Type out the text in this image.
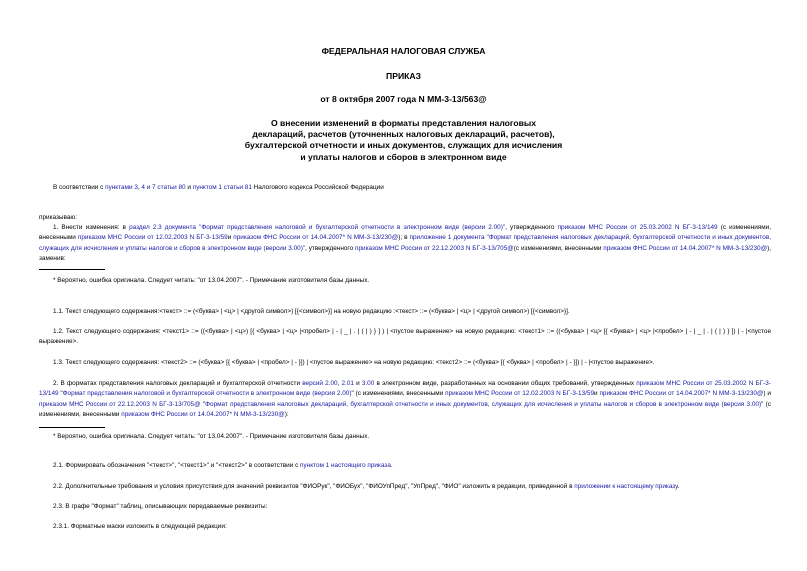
ФЕДЕРАЛЬНАЯ НАЛОГОВАЯ СЛУЖБА
ПРИКАЗ
от 8 октября 2007 года N ММ-3-13/563@
О внесении изменений в форматы представления налоговых
деклараций, расчетов (уточненных налоговых деклараций, расчетов),
бухгалтерской отчетности и иных документов, служащих для исчисления
и уплаты налогов и сборов в электронном виде
В соответствии с пунктами 3, 4 и 7 статьи 80 и пунктом 1 статьи 81 Налогового кодекса Российской Федерации
приказываю:
1. Внести изменения: в раздел 2.3 документа "Формат представления налоговой и бухгалтерской отчетности в электронном виде (версии 2.00)", утвержденного приказом МНС России от 25.03.2002 N БГ-3-13/149 (с изменениями, внесенными приказом МНС России от 12.02.2003 N БГ-3-13/59и приказом ФНС России от 14.04.2007* N ММ-3-13/230@); в приложение 1 документа "Формат представления налоговых деклараций, бухгалтерской отчетности и иных документов, служащих для исчисления и уплаты налогов и сборов в электронном виде (версии 3.00)", утвержденного приказом МНС России от 22.12.2003 N БГ-3-13/705@(с изменениями, внесенными приказом ФНС России от 14.04.2007* N ММ-3-13/230@), заменив:
* Вероятно, ошибка оригинала. Следует читать: "от 13.04.2007". - Примечание изготовителя базы данных.
1.1. Текст следующего содержания:<текст> ::= (<буква> | <ц> | <другой символ>) [{<символ>}] на новую редакцию :<текст> ::= (<буква> | <ц> | <другой символ>) [{<символ>}].
1.2. Текст следующего содержания: <текст1> ::= ((<буква> | <ц>) [{ <буква> | <ц> |<пробел> | - | _ | . | ( | ) } ] ) | <пустое выражение> на новую редакцию: <текст1> ::= ((<буква> | <ц> [{ <буква> | <ц> |<пробел> | - | _ | . | ( | ) } ]) | - |<пустое выражение>.
1.3. Текст следующего содержания: <текст2> ::= (<буква> [{ <буква> | <пробел> | - }]) | <пустое выражение> на новую редакцию: <текст2> ::= (<буква> [{ <буква> | <пробел> | - }]) | - |<пустое выражение>.
2. В форматах представления налоговых деклараций и бухгалтерской отчетности версий 2.00, 2.01 и 3.00 в электронном виде, разработанных на основании общих требований, утвержденных приказом МНС России от 25.03.2002 N БГ-3-13/149 "Формат представления налоговой и бухгалтерской отчетности в электронном виде (версия 2.00)" (с изменениями, внесенными приказом МНС России от 12.02.2003 N БГ-3-13/59и приказом ФНС России от 14.04.2007* N ММ-3-13/230@) и приказом МНС России от 22.12.2003 N БГ-3-13/705@ "Формат представления налоговых деклараций, бухгалтерской отчетности и иных документов, служащих для исчисления и уплаты налогов и сборов в электронном виде (версия 3.00)" (с изменениями, внесенными приказом ФНС России от 14.04.2007* N ММ-3-13/230@):
* Вероятно, ошибка оригинала. Следует читать: "от 13.04.2007". - Примечание изготовителя базы данных.
2.1. Формировать обозначения "<текст>", "<текст1>" и "<текст2>" в соответствии с пунктом 1 настоящего приказа.
2.2. Дополнительные требования и условия присутствия для значений реквизитов "ФИОРук", "ФИОБух", "ФИОУпПред", "УпПред", "ФИО" изложить в редакции, приведенной в приложении к настоящему приказу.
2.3. В графе "Формат" таблиц, описывающих передаваемые реквизиты:
2.3.1. Форматные маски изложить в следующей редакции:
